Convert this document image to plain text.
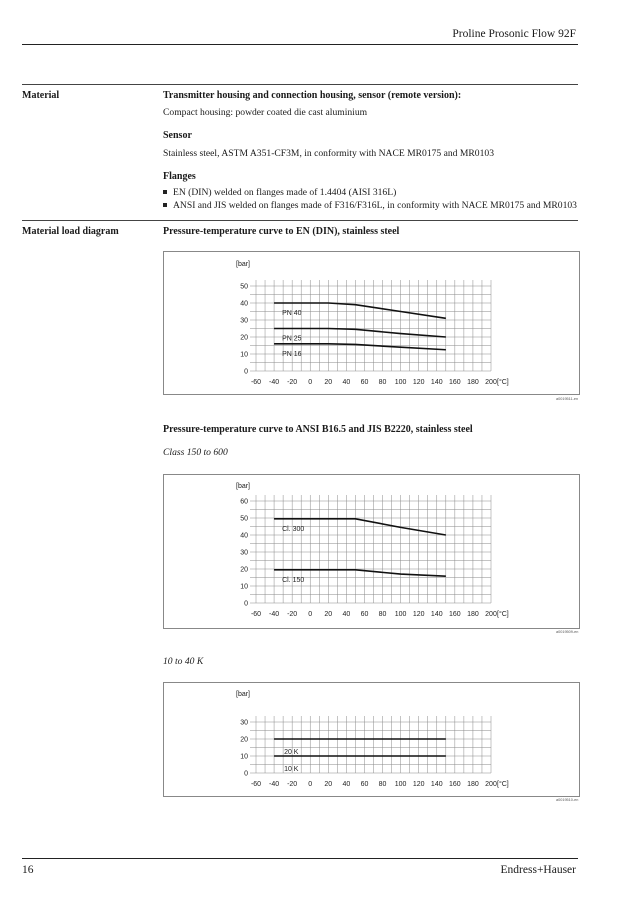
Proline Prosonic Flow 92F
Material	Transmitter housing and connection housing, sensor (remote version):
Compact housing: powder coated die cast aluminium
Sensor
Stainless steel, ASTM A351-CF3M, in conformity with NACE MR0175 and MR0103
Flanges
EN (DIN) welded on flanges made of 1.4404 (AISI 316L)
ANSI and JIS welded on flanges made of F316/F316L, in conformity with NACE MR0175 and MR0103
Material load diagram	Pressure-temperature curve to EN (DIN), stainless steel
0
10
20
30
40
50
-60 -40 -20 0 20 40 60 80 100 120 140 160 180 200
[bar]
[°C]
PN 40
PN 25
PN 16
a0019511-en
Pressure-temperature curve to ANSI B16.5 and JIS B2220, stainless steel
Class 150 to 600
0
10
20
30
40
50
60
-60 -40 -20 0 20 40 60 80 100 120 140 160 180 200
[bar]
[°C]
Cl. 300
Cl. 150
a0019509-en
10 to 40 K
0
10
20
30
-60 -40 -20 0 20 40 60 80 100 120 140 160 180 200
[bar]
[°C]
20 K
10 K
a0019510-en
16	Endress+Hauser
